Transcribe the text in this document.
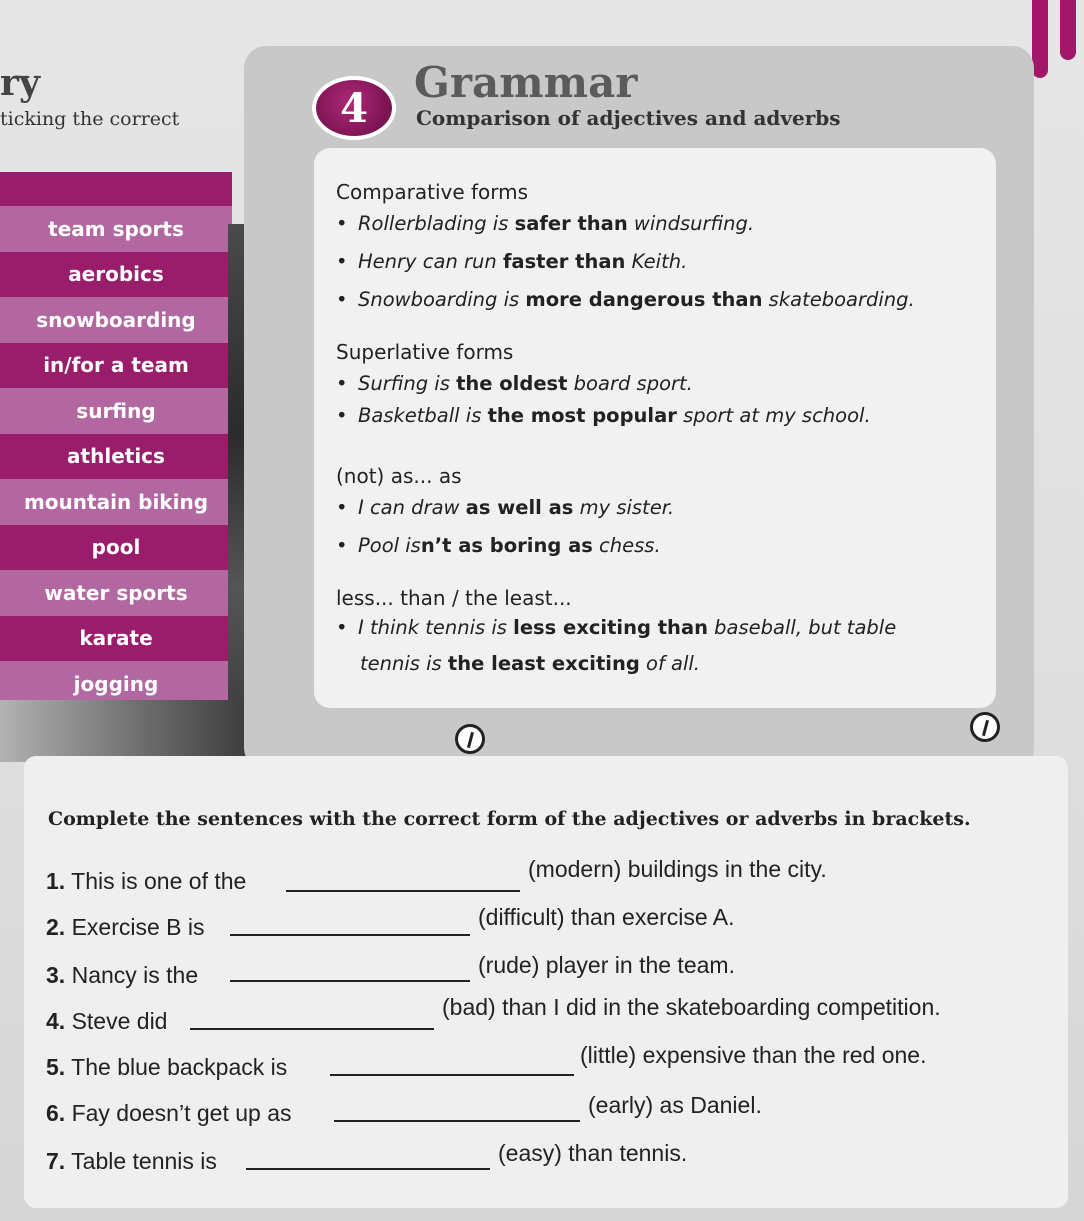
ry
ticking the correct
team sports
aerobics
snowboarding
in/for a team
surfing
athletics
mountain biking
pool
water sports
karate
jogging
4
Grammar
Comparison of adjectives and adverbs
Comparative forms
• Rollerblading is safer than windsurfing.
• Henry can run faster than Keith.
• Snowboarding is more dangerous than skateboarding.
Superlative forms
• Surfing is the oldest board sport.
• Basketball is the most popular sport at my school.
(not) as... as
• I can draw as well as my sister.
• Pool isn’t as boring as chess.
less... than / the least...
• I think tennis is less exciting than baseball, but table
tennis is the least exciting of all.
Complete the sentences with the correct form of the adjectives or adverbs in brackets.
1. This is one of the	(modern) buildings in the city.
2. Exercise B is	(difficult) than exercise A.
3. Nancy is the	(rude) player in the team.
4. Steve did
(bad) than I did in the skateboarding competition.
5. The blue backpack is	(little) expensive than the red one.
6. Fay doesn’t get up as	(early) as Daniel.
7. Table tennis is	(easy) than tennis.
